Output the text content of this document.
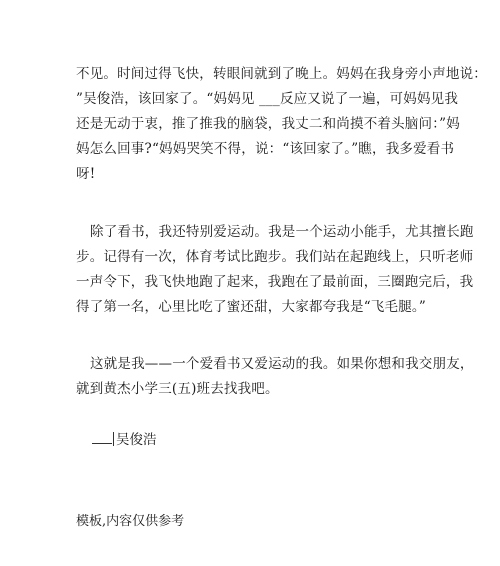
不见。时间过得飞快，转眼间就到了晚上。妈妈在我身旁小声地说：
”吴俊浩，该回家了。“妈妈见 ___反应又说了一遍，可妈妈见我
还是无动于衷，推了推我的脑袋，我丈二和尚摸不着头脑问：”妈
妈怎么回事?“妈妈哭笑不得，说：“该回家了。”瞧，我多爱看书
呀!

除了看书，我还特别爱运动。我是一个运动小能手，尤其擅长跑
步。记得有一次，体育考试比跑步。我们站在起跑线上，只听老师
一声令下，我飞快地跑了起来，我跑在了最前面，三圈跑完后，我
得了第一名，心里比吃了蜜还甜，大家都夸我是“飞毛腿。”

这就是我——一个爱看书又爱运动的我。如果你想和我交朋友，
就到黄杰小学三(五)班去找我吧。

吴俊浩
模板,内容仅供参考
